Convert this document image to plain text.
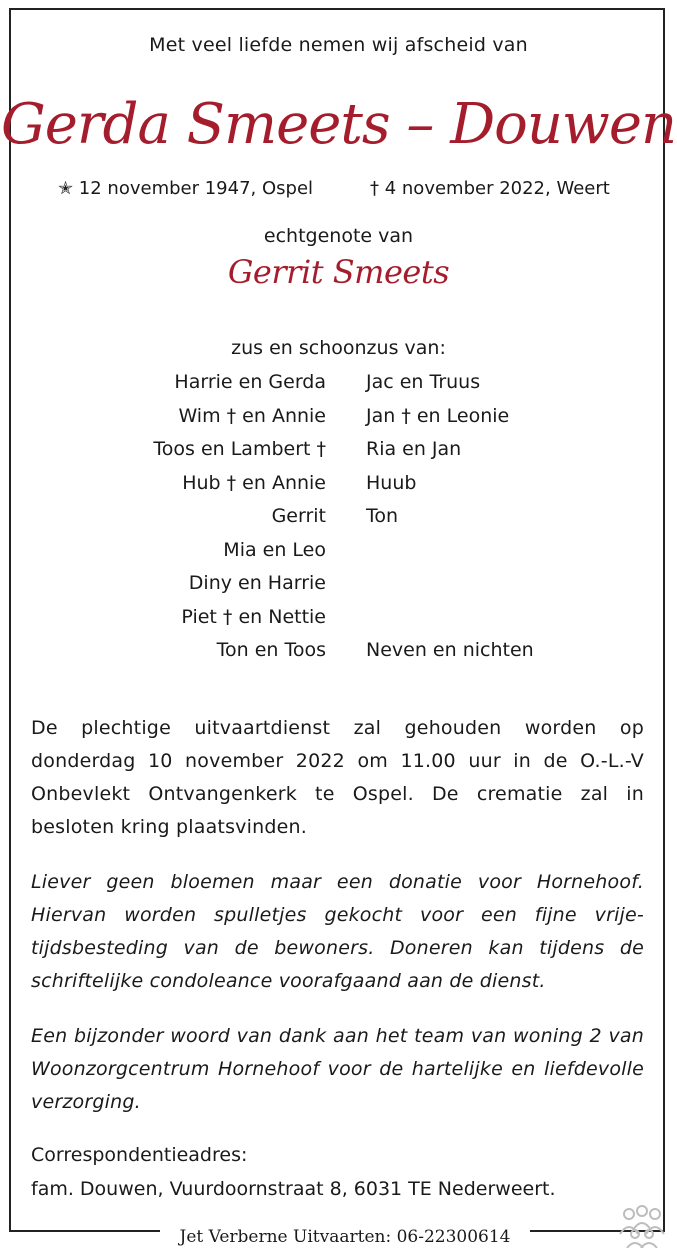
Met veel liefde nemen wij afscheid van
Gerda Smeets – Douwen
✭ 12 november 1947, Ospel	† 4 november 2022, Weert
echtgenote van
Gerrit Smeets
zus en schoonzus van:
Harrie en Gerda
Wim † en Annie
Toos en Lambert †
Hub † en Annie
Gerrit
Mia en Leo
Diny en Harrie
Piet † en Nettie
Ton en Toos
Jac en Truus
Jan † en Leonie
Ria en Jan
Huub
Ton
Neven en nichten
De plechtige uitvaartdienst zal gehouden worden op donderdag 10 november 2022 om 11.00 uur in de O.-L.-V Onbevlekt Ontvangenkerk te Ospel. De crematie zal in besloten kring plaatsvinden.
Liever geen bloemen maar een donatie voor Hornehoof. Hiervan worden spulletjes gekocht voor een fijne vrije-tijdsbesteding van de bewoners. Doneren kan tijdens de schriftelijke condoleance voorafgaand aan de dienst.
Een bijzonder woord van dank aan het team van woning 2 van Woonzorgcentrum Hornehoof voor de hartelijke en liefdevolle verzorging.
Correspondentieadres:
fam. Douwen, Vuurdoornstraat 8, 6031 TE Nederweert.
Jet Verberne Uitvaarten: 06-22300614
